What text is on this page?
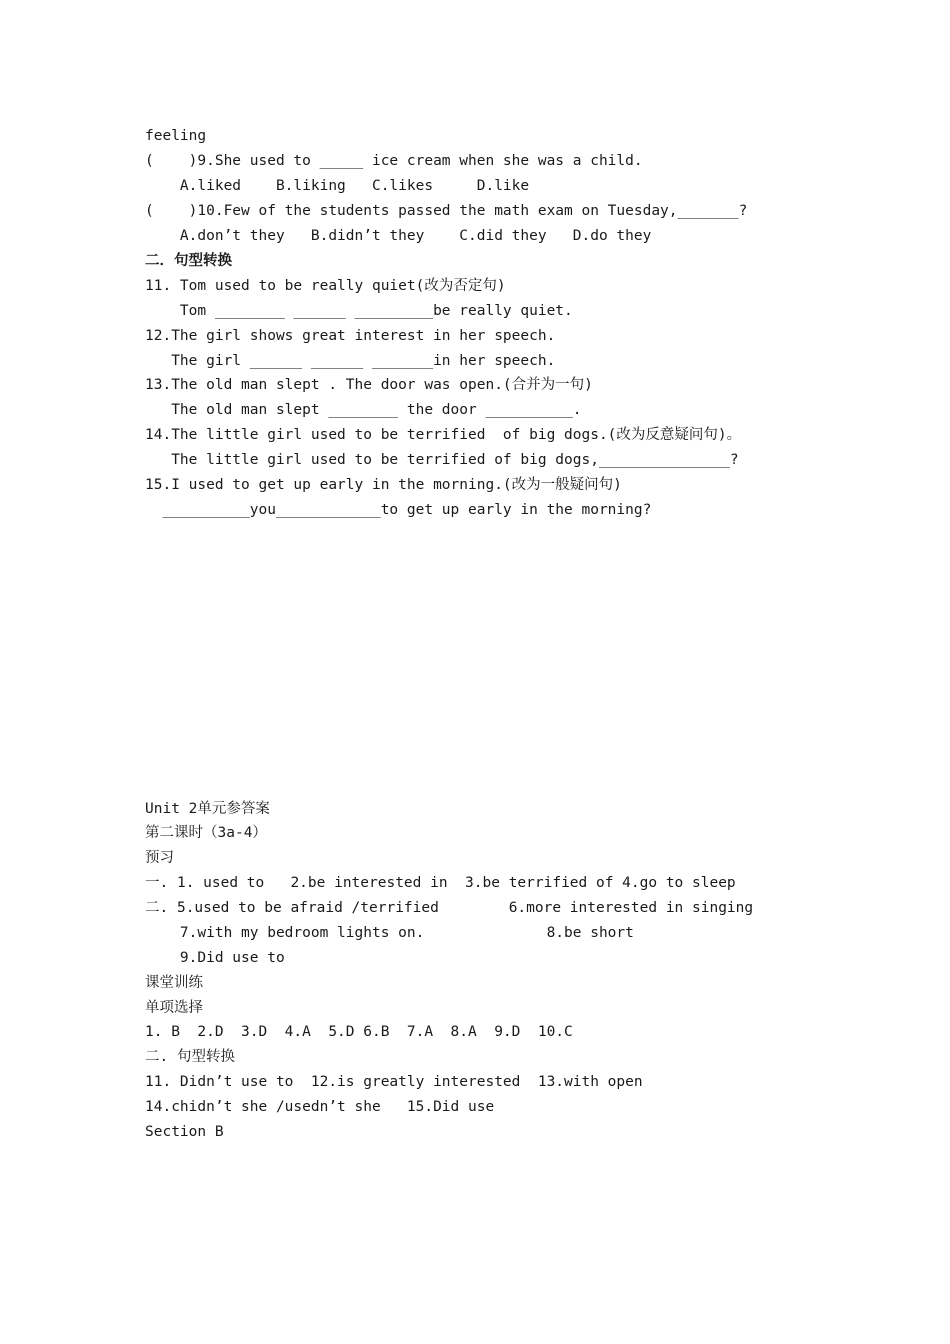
feeling
(    )9.She used to _____ ice cream when she was a child.
A.liked    B.liking   C.likes     D.like
(    )10.Few of the students passed the math exam on Tuesday,_______?
A.don’t they   B.didn’t they    C.did they   D.do they
二．句型转换
11. Tom used to be really quiet(改为否定句)
Tom ________ ______ _________be really quiet.
12.The girl shows great interest in her speech.
The girl ______ ______ _______in her speech.
13.The old man slept . The door was open.(合并为一句)
The old man slept ________ the door __________.
14.The little girl used to be terrified  of big dogs.(改为反意疑问句)。
The little girl used to be terrified of big dogs,_______________?
15.I used to get up early in the morning.(改为一般疑问句)
__________you____________to get up early in the morning?
Unit 2单元参答案
第二课时（3a-4）
预习
一. 1. used to   2.be interested in  3.be terrified of 4.go to sleep
二. 5.used to be afraid /terrified        6.more interested in singing
7.with my bedroom lights on.              8.be short
9.Did use to
课堂训练
单项选择
1. B  2.D  3.D  4.A  5.D 6.B  7.A  8.A  9.D  10.C
二. 句型转换
11. Didn’t use to  12.is greatly interested  13.with open
14.chidn’t she /usedn’t she   15.Did use
Section B
